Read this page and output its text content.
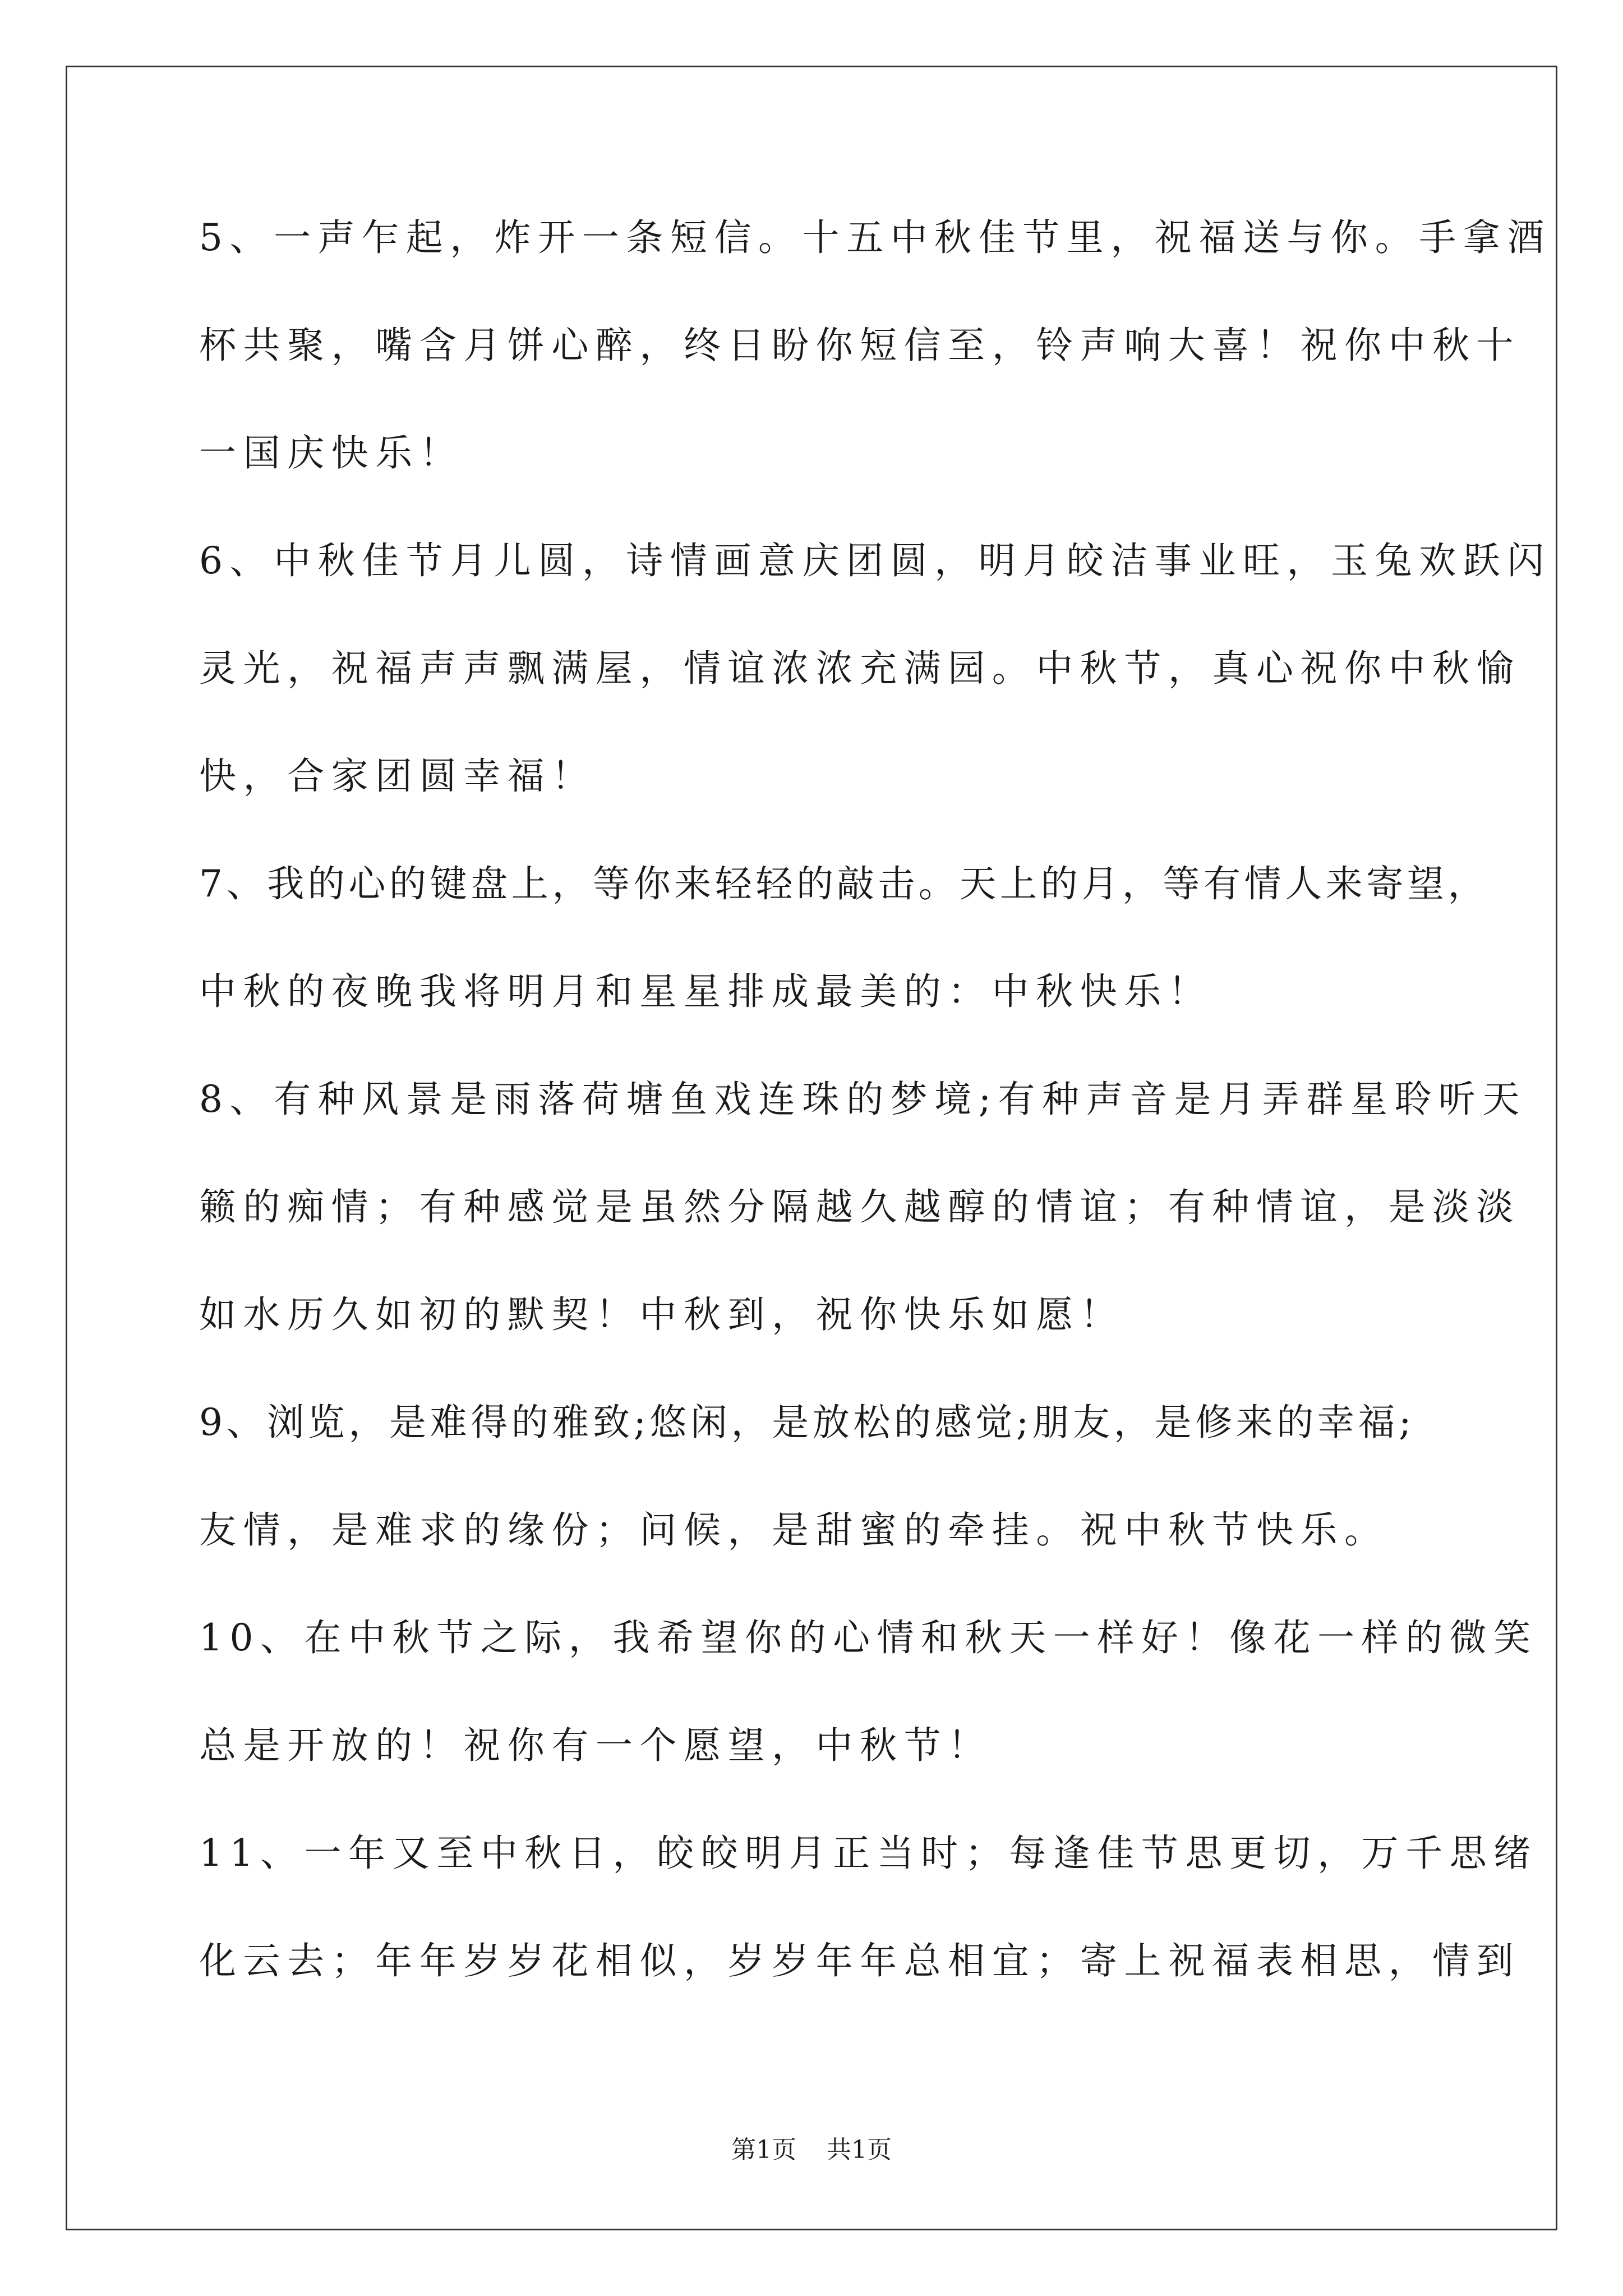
5、一声乍起，炸开一条短信。十五中秋佳节里，祝福送与你。手拿酒
杯共聚，嘴含月饼心醉，终日盼你短信至，铃声响大喜！祝你中秋十
一国庆快乐！
6、中秋佳节月儿圆，诗情画意庆团圆，明月皎洁事业旺，玉兔欢跃闪
灵光，祝福声声飘满屋，情谊浓浓充满园。中秋节，真心祝你中秋愉
快，合家团圆幸福！
7、我的心的键盘上，等你来轻轻的敲击。天上的月，等有情人来寄望，
中秋的夜晚我将明月和星星排成最美的：中秋快乐！
8、有种风景是雨落荷塘鱼戏连珠的梦境;有种声音是月弄群星聆听天
籁的痴情；有种感觉是虽然分隔越久越醇的情谊；有种情谊，是淡淡
如水历久如初的默契！中秋到，祝你快乐如愿！
9、浏览，是难得的雅致;悠闲，是放松的感觉;朋友，是修来的幸福;
友情，是难求的缘份；问候，是甜蜜的牵挂。祝中秋节快乐。
10、在中秋节之际，我希望你的心情和秋天一样好！像花一样的微笑
总是开放的！祝你有一个愿望，中秋节！
11、一年又至中秋日，皎皎明月正当时；每逢佳节思更切，万千思绪
化云去；年年岁岁花相似，岁岁年年总相宜；寄上祝福表相思，情到
第1页 共1页
